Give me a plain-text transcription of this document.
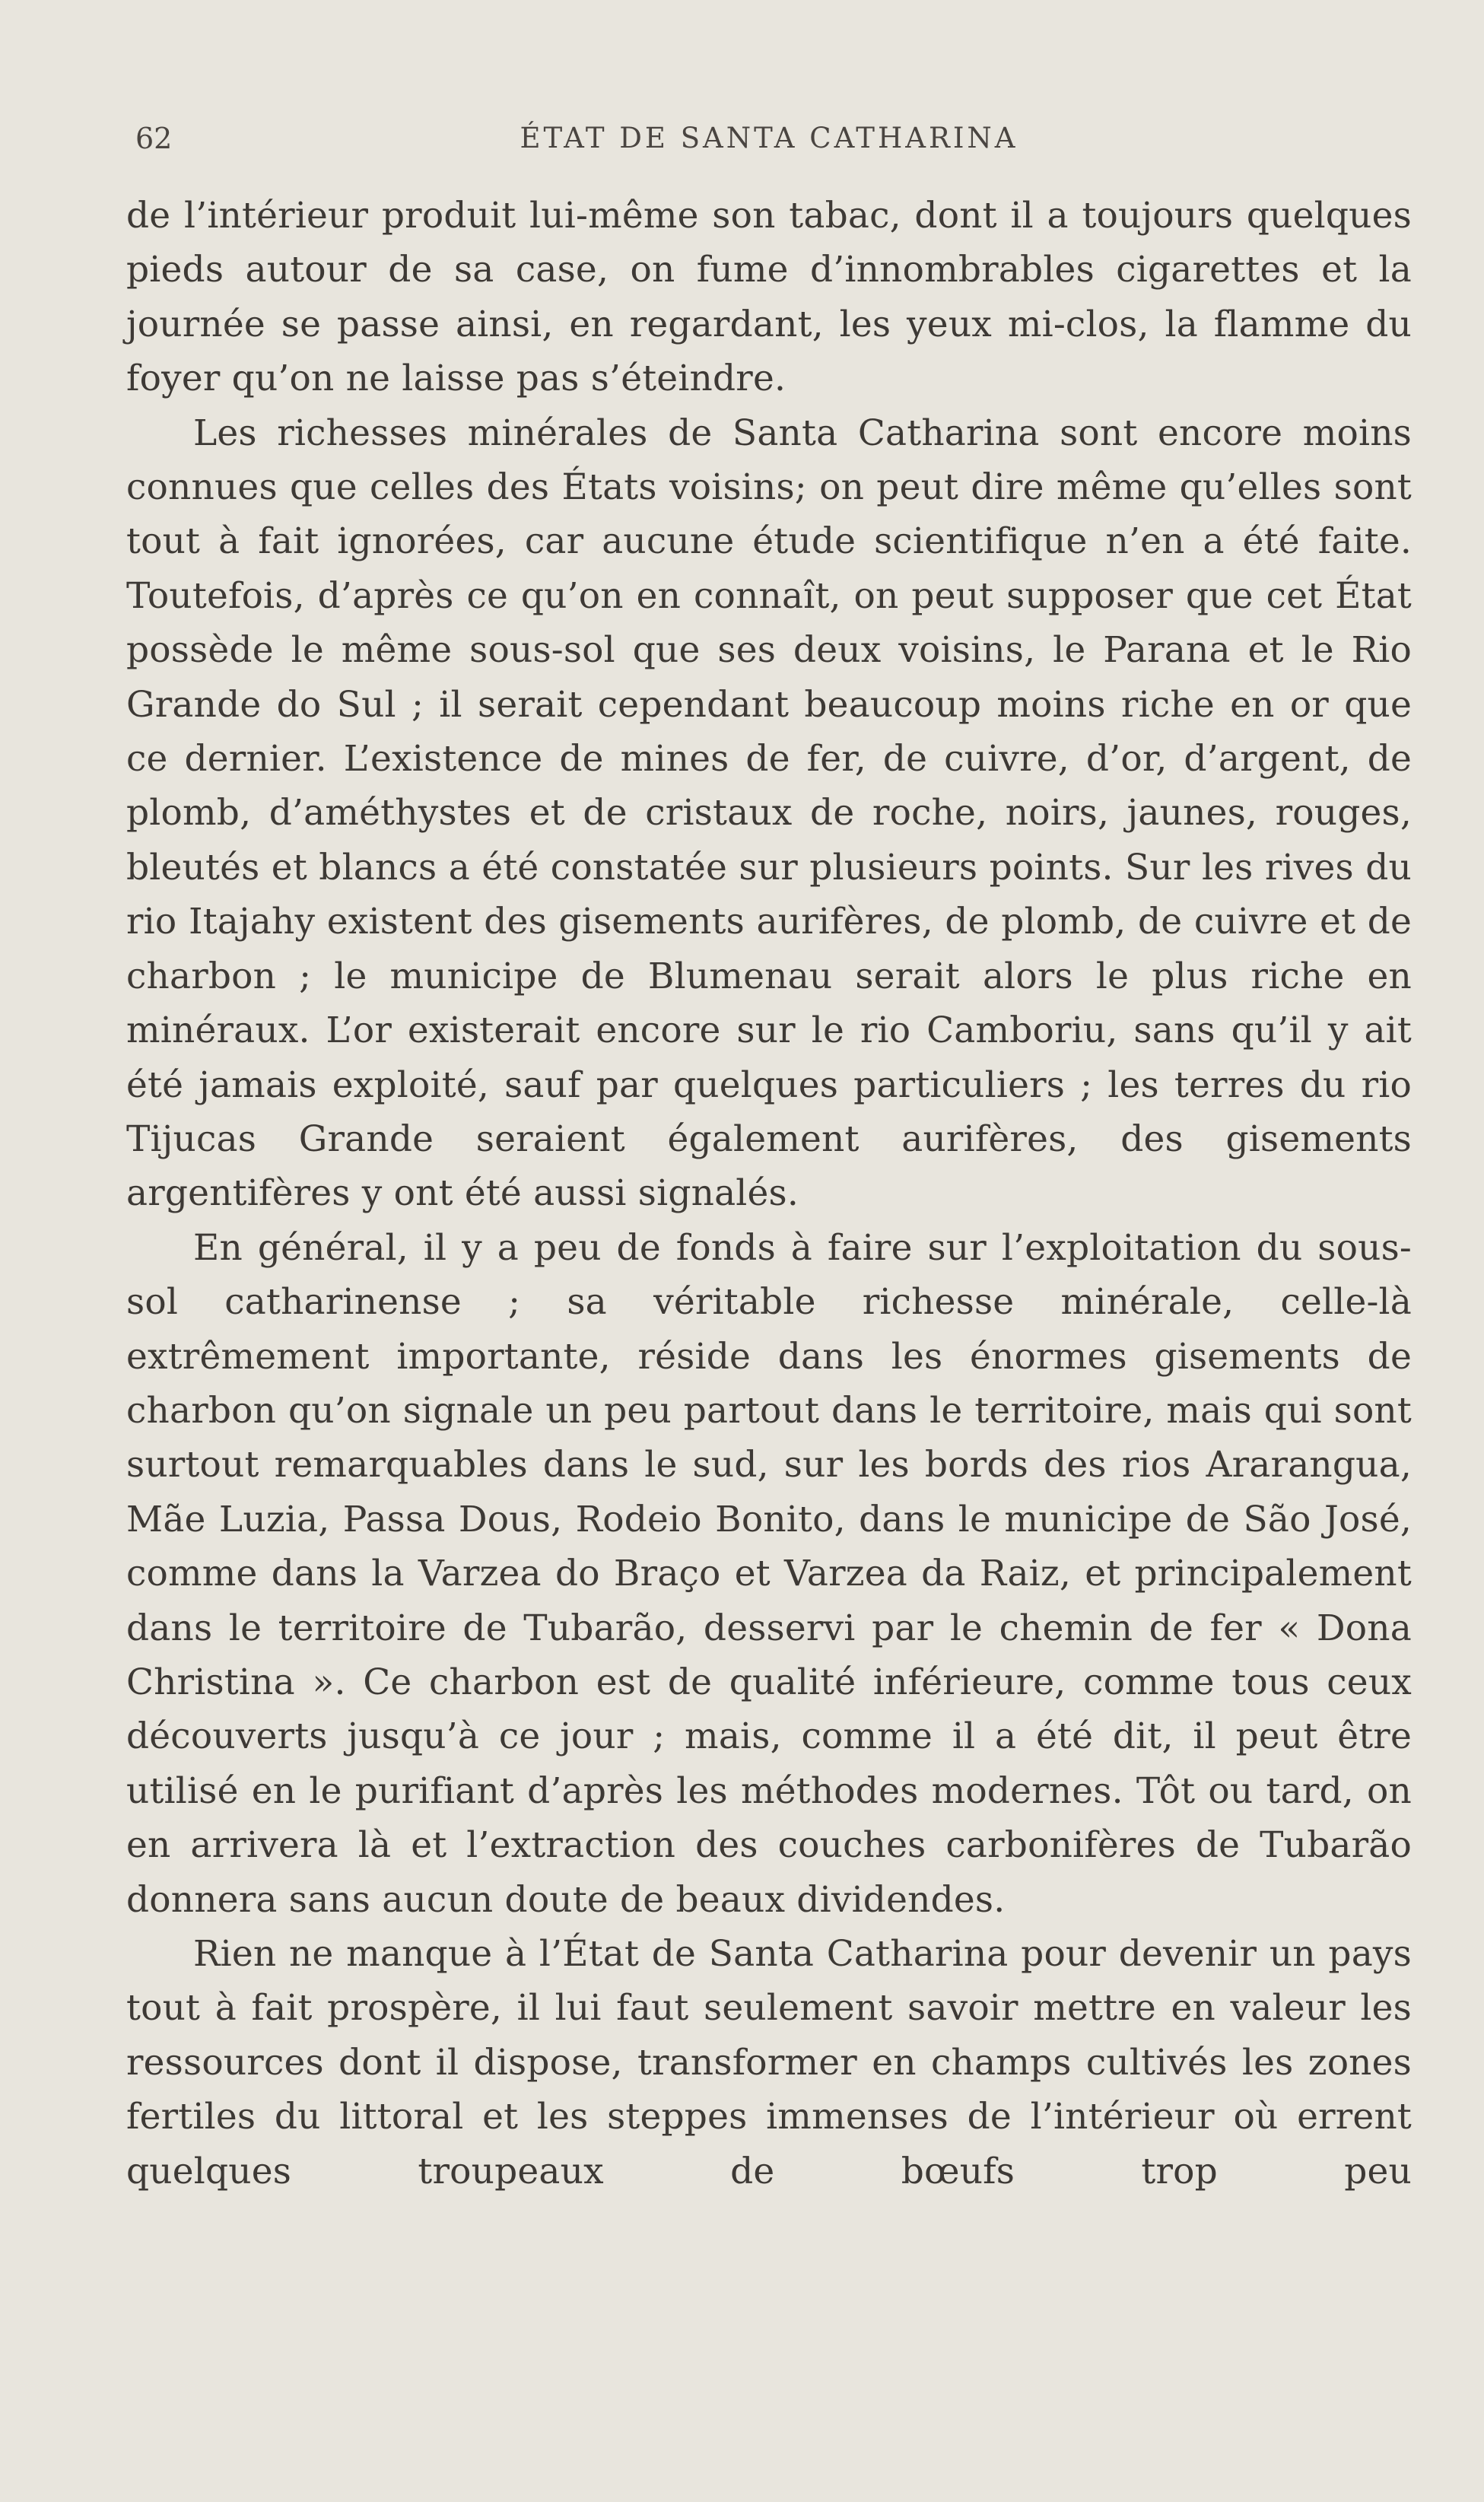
62	ÉTAT DE SANTA CATHARINA

de l’intérieur produit lui-même son tabac, dont il a toujours quelques pieds autour de sa case, on fume d’innombrables cigarettes et la journée se passe ainsi, en regardant, les yeux mi-clos, la flamme du foyer qu’on ne laisse pas s’éteindre.

Les richesses minérales de Santa Catharina sont encore moins connues que celles des États voisins; on peut dire même qu’elles sont tout à fait ignorées, car aucune étude scientifique n’en a été faite. Toutefois, d’après ce qu’on en connaît, on peut supposer que cet État possède le même sous-sol que ses deux voisins, le Parana et le Rio Grande do Sul ; il serait cependant beaucoup moins riche en or que ce dernier. L’existence de mines de fer, de cuivre, d’or, d’argent, de plomb, d’améthystes et de cristaux de roche, noirs, jaunes, rouges, bleutés et blancs a été constatée sur plusieurs points. Sur les rives du rio Itajahy existent des gisements aurifères, de plomb, de cuivre et de charbon ; le municipe de Blumenau serait alors le plus riche en minéraux. L’or existerait encore sur le rio Camboriu, sans qu’il y ait été jamais exploité, sauf par quelques particuliers ; les terres du rio Tijucas Grande seraient également aurifères, des gisements argentifères y ont été aussi signalés.

En général, il y a peu de fonds à faire sur l’exploitation du sous-sol catharinense ; sa véritable richesse minérale, celle-là extrêmement importante, réside dans les énormes gisements de charbon qu’on signale un peu partout dans le territoire, mais qui sont surtout remarquables dans le sud, sur les bords des rios Ararangua, Mãe Luzia, Passa Dous, Rodeio Bonito, dans le municipe de São José, comme dans la Varzea do Braço et Varzea da Raiz, et principalement dans le territoire de Tubarão, desservi par le chemin de fer « Dona Christina ». Ce charbon est de qualité inférieure, comme tous ceux découverts jusqu’à ce jour ; mais, comme il a été dit, il peut être utilisé en le purifiant d’après les méthodes modernes. Tôt ou tard, on en arrivera là et l’extraction des couches carbonifères de Tubarão donnera sans aucun doute de beaux dividendes.

Rien ne manque à l’État de Santa Catharina pour devenir un pays tout à fait prospère, il lui faut seulement savoir mettre en valeur les ressources dont il dispose, transformer en champs cultivés les zones fertiles du littoral et les steppes immenses de l’intérieur où errent quelques troupeaux de bœufs trop peu
